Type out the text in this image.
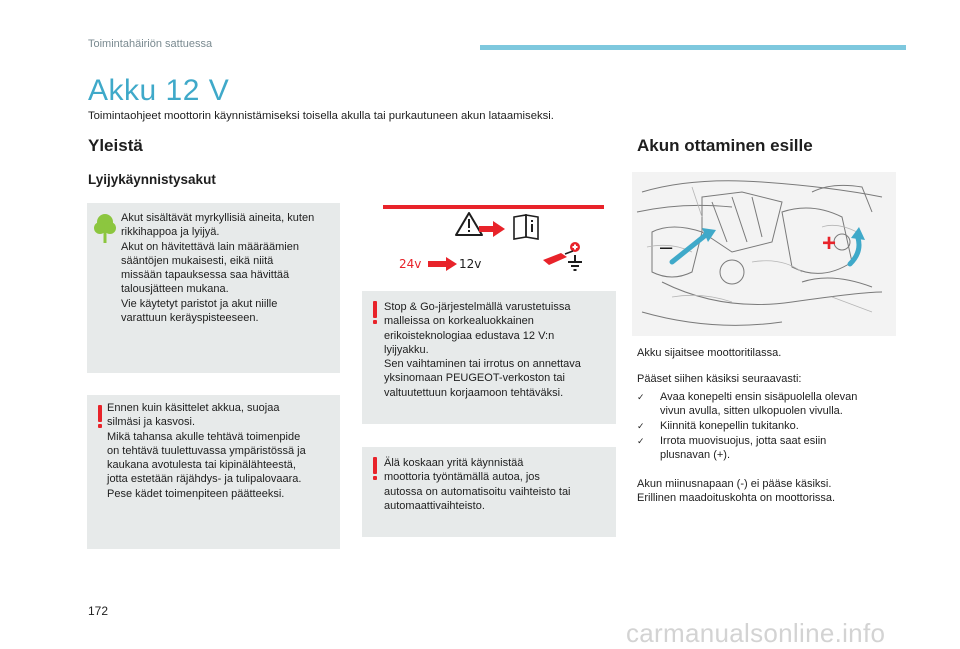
Toimintahäiriön sattuessa
Akku 12 V
Toimintaohjeet moottorin käynnistämiseksi toisella akulla tai purkautuneen akun lataamiseksi.
Yleistä
Lyijykäynnistysakut
Akut sisältävät myrkyllisiä aineita, kuten
rikkihappoa ja lyijyä.
Akut on hävitettävä lain määräämien
sääntöjen mukaisesti, eikä niitä
missään tapauksessa saa hävittää
talousjätteen mukana.
Vie käytetyt paristot ja akut niille
varattuun keräyspisteeseen.
Ennen kuin käsittelet akkua, suojaa
silmäsi ja kasvosi.
Mikä tahansa akulle tehtävä toimenpide
on tehtävä tuulettuvassa ympäristössä ja
kaukana avotulesta tai kipinälähteestä,
jotta estetään räjähdys- ja tulipalovaara.
Pese kädet toimenpiteen päätteeksi.
24v	12v
Stop & Go-järjestelmällä varustetuissa
malleissa on korkealuokkainen
erikoisteknologiaa edustava 12 V:n
lyijyakku.
Sen vaihtaminen tai irrotus on annettava
yksinomaan PEUGEOT-verkoston tai
valtuutettuun korjaamoon tehtäväksi.
Älä koskaan yritä käynnistää
moottoria työntämällä autoa, jos
autossa on automatisoitu vaihteisto tai
automaattivaihteisto.
Akun ottaminen esille
–	+
Akku sijaitsee moottoritilassa.
Pääset siihen käsiksi seuraavasti:
✓	Avaa konepelti ensin sisäpuolella olevan
vivun avulla, sitten ulkopuolen vivulla.
✓	Kiinnitä konepellin tukitanko.
✓	Irrota muovisuojus, jotta saat esiin
plusnavan (+).
Akun miinusnapaan (-) ei pääse käsiksi.
Erillinen maadoituskohta on moottorissa.
172
carmanualsonline.info
